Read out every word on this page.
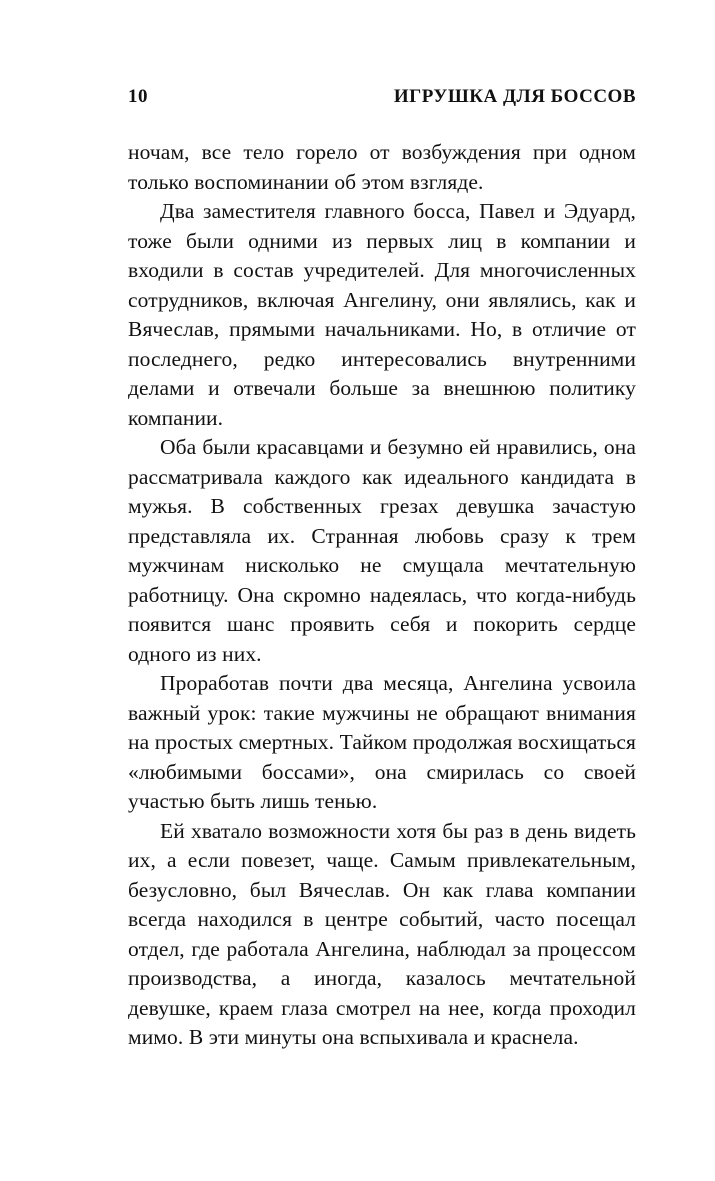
10	ИГРУШКА ДЛЯ БОССОВ

ночам, все тело горело от возбуждения при одном только воспоминании об этом взгляде.

Два заместителя главного босса, Павел и Эдуард, тоже были одними из первых лиц в компании и входили в состав учредителей. Для многочисленных сотрудников, включая Ангелину, они являлись, как и Вячеслав, прямыми начальниками. Но, в отличие от последнего, редко интересовались внутренними делами и отвечали больше за внешнюю политику компании.

Оба были красавцами и безумно ей нравились, она рассматривала каждого как идеального кандидата в мужья. В собственных грезах девушка зачастую представляла их. Странная любовь сразу к трем мужчинам нисколько не смущала мечтательную работницу. Она скромно надеялась, что когда-нибудь появится шанс проявить себя и покорить сердце одного из них.

Проработав почти два месяца, Ангелина усвоила важный урок: такие мужчины не обращают внимания на простых смертных. Тайком продолжая восхищаться «любимыми боссами», она смирилась со своей участью быть лишь тенью.

Ей хватало возможности хотя бы раз в день видеть их, а если повезет, чаще. Самым привлекательным, безусловно, был Вячеслав. Он как глава компании всегда находился в центре событий, часто посещал отдел, где работала Ангелина, наблюдал за процессом производства, а иногда, казалось мечтательной девушке, краем глаза смотрел на нее, когда проходил мимо. В эти минуты она вспыхивала и краснела.
